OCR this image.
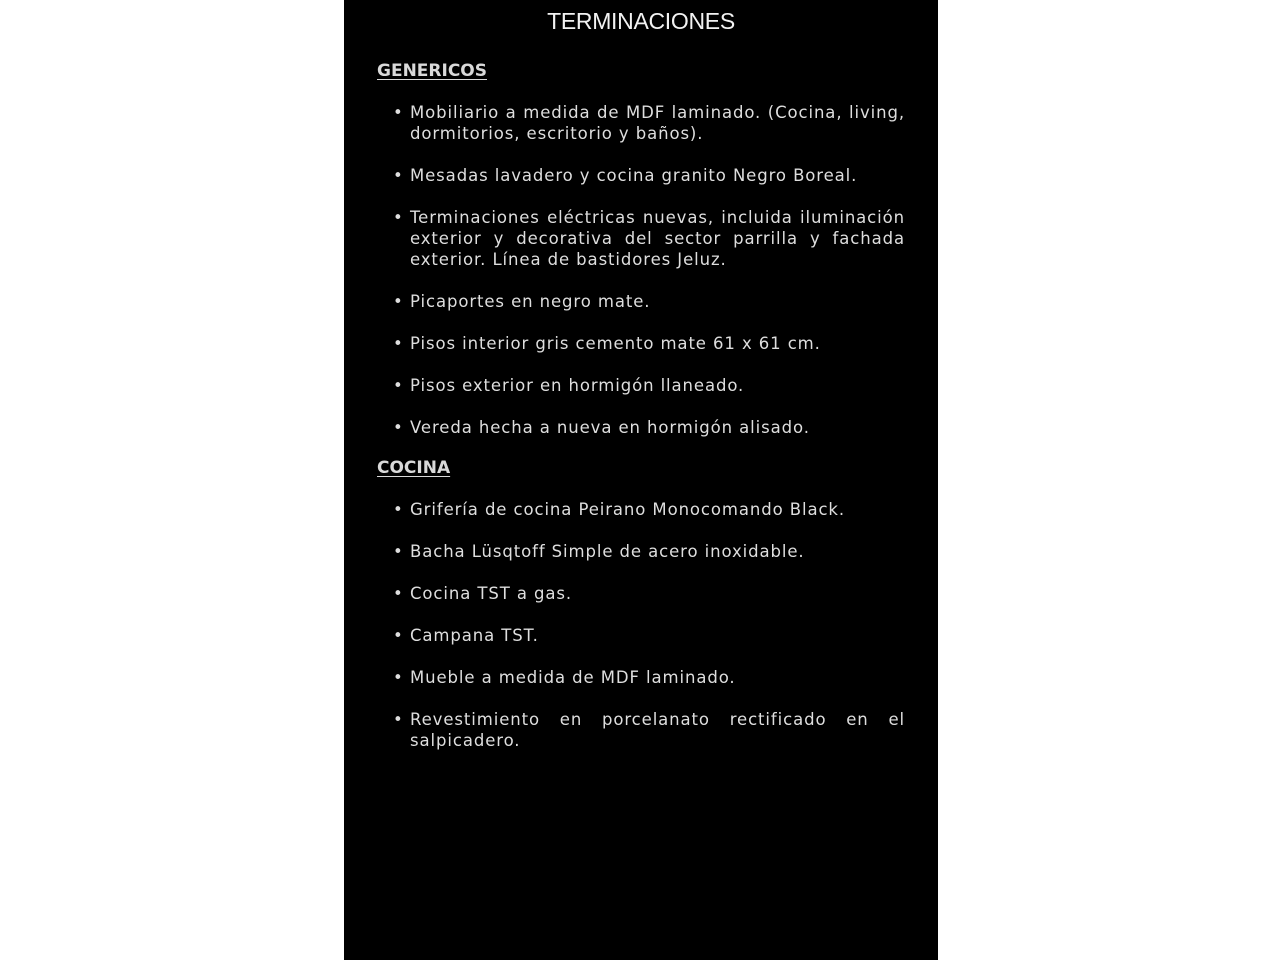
TERMINACIONES
GENERICOS
• Mobiliario a medida de MDF laminado. (Cocina, living, dormitorios, escritorio y baños).
• Mesadas lavadero y cocina granito Negro Boreal.
• Terminaciones eléctricas nuevas, incluida iluminación exterior y decorativa del sector parrilla y fachada exterior. Línea de bastidores Jeluz.
• Picaportes en negro mate.
• Pisos interior gris cemento mate 61 x 61 cm.
• Pisos exterior en hormigón llaneado.
• Vereda hecha a nueva en hormigón alisado.
COCINA
• Grifería de cocina Peirano Monocomando Black.
• Bacha Lüsqtoff Simple de acero inoxidable.
• Cocina TST a gas.
• Campana TST.
• Mueble a medida de MDF laminado.
• Revestimiento en porcelanato rectificado en el salpicadero.
